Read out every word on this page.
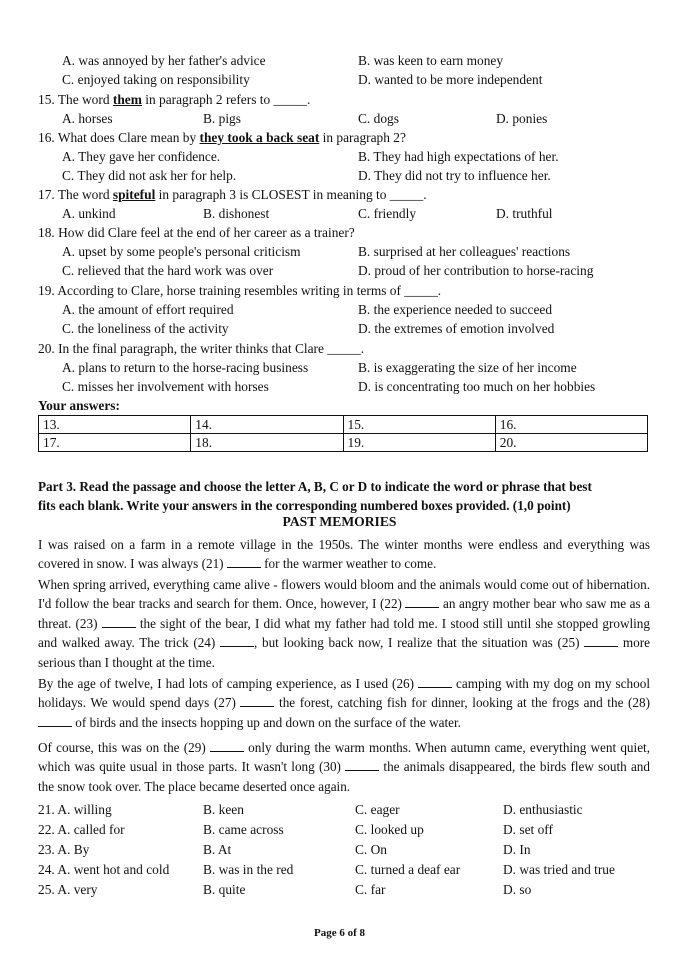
A. was annoyed by her father's advice	B. was keen to earn money
C. enjoyed taking on responsibility	D. wanted to be more independent
15. The word them in paragraph 2 refers to _____.
A. horses	B. pigs	C. dogs	D. ponies
16. What does Clare mean by they took a back seat in paragraph 2?
A. They gave her confidence.	B. They had high expectations of her.
C. They did not ask her for help.	D. They did not try to influence her.
17. The word spiteful in paragraph 3 is CLOSEST in meaning to _____.
A. unkind	B. dishonest	C. friendly	D. truthful
18. How did Clare feel at the end of her career as a trainer?
A. upset by some people's personal criticism	B. surprised at her colleagues' reactions
C. relieved that the hard work was over	D. proud of her contribution to horse-racing
19. According to Clare, horse training resembles writing in terms of _____.
A. the amount of effort required	B. the experience needed to succeed
C. the loneliness of the activity	D. the extremes of emotion involved
20. In the final paragraph, the writer thinks that Clare _____.
A. plans to return to the horse-racing business	B. is exaggerating the size of her income
C. misses her involvement with horses	D. is concentrating too much on her hobbies
Your answers:
13.	14.	15.	16.
17.	18.	19.	20.
Part 3. Read the passage and choose the letter A, B, C or D to indicate the word or phrase that best
fits each blank. Write your answers in the corresponding numbered boxes provided. (1,0 point)
PAST MEMORIES
I was raised on a farm in a remote village in the 1950s. The winter months were endless and everything was covered in snow. I was always (21)	for the warmer weather to come.
When spring arrived, everything came alive - flowers would bloom and the animals would come out of hibernation. I'd follow the bear tracks and search for them. Once, however, I (22)	an angry mother bear who saw me as a threat. (23)	the sight of the bear, I did what my father had told me. I stood still until she stopped growling and walked away. The trick (24)	, but looking back now, I realize that the situation was (25)	more serious than I thought at the time.
By the age of twelve, I had lots of camping experience, as I used (26)	camping with my dog on my school holidays. We would spend days (27)	the forest, catching fish for dinner, looking at the frogs and the (28)  of birds and the insects hopping up and down on the surface of the water.
Of course, this was on the (29)	only during the warm months. When autumn came, everything went quiet, which was quite usual in those parts. It wasn't long (30)	the animals disappeared, the birds flew south and the snow took over. The place became deserted once again.
21. A. willing	B. keen	C. eager	D. enthusiastic
22. A. called for	B. came across	C. looked up	D. set off
23. A. By	B. At	C. On	D. In
24. A. went hot and cold	B. was in the red	C. turned a deaf ear	D. was tried and true
25. A. very	B. quite	C. far	D. so
Page 6 of 8
